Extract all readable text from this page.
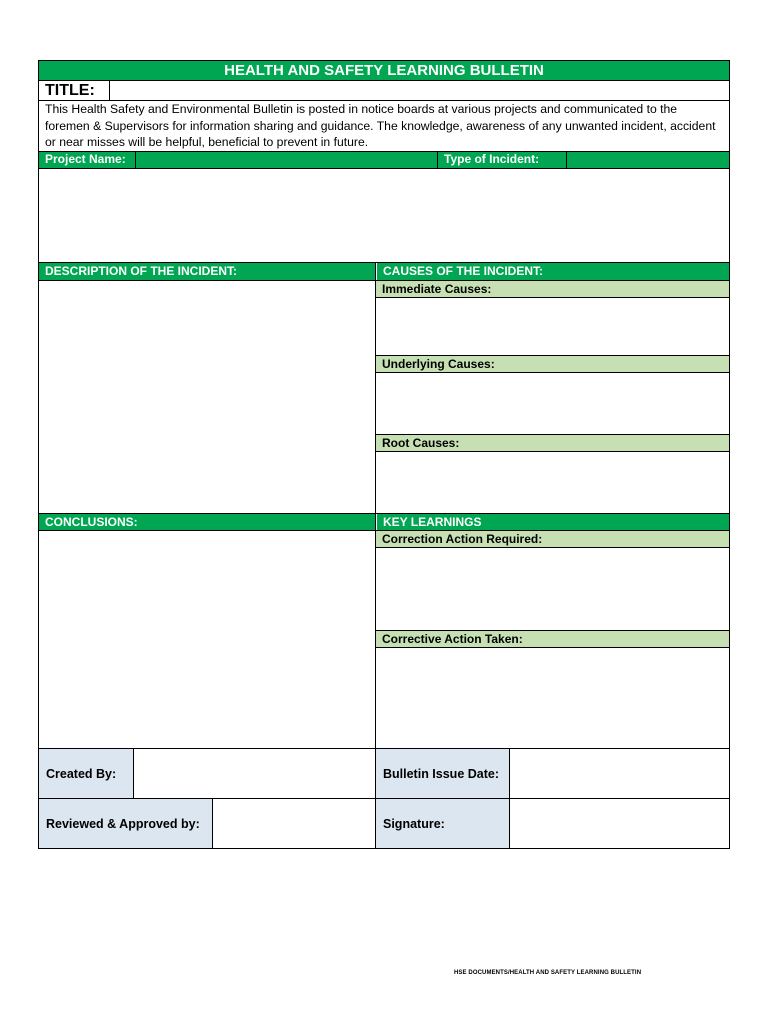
HEALTH AND SAFETY LEARNING BULLETIN
TITLE:
This Health Safety and Environmental Bulletin is posted in notice boards at various projects and communicated to the foremen & Supervisors for information sharing and guidance. The knowledge, awareness of any unwanted incident, accident or near misses will be helpful, beneficial to prevent in future.
Project Name:	Type of Incident:
DESCRIPTION OF THE INCIDENT:	CAUSES OF THE INCIDENT:
Immediate Causes:
Underlying Causes:
Root Causes:
CONCLUSIONS:	KEY LEARNINGS
Correction Action Required:
Corrective Action Taken:
Created By:	Bulletin Issue Date:
Reviewed & Approved by:	Signature:
HSE DOCUMENTS/HEALTH AND SAFETY LEARNING BULLETIN
